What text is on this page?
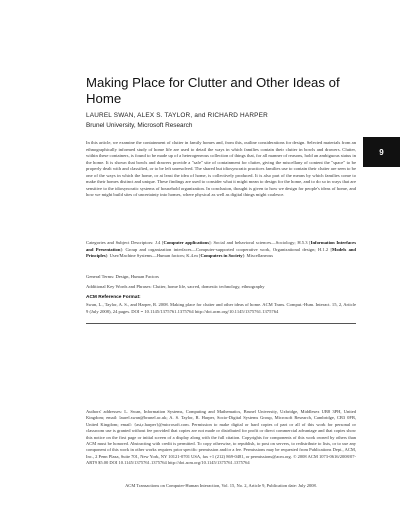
Making Place for Clutter and Other Ideas of Home
LAUREL SWAN, ALEX S. TAYLOR, and RICHARD HARPER
Brunel University, Microsoft Research
9
In this article, we examine the containment of clutter in family homes and, from this, outline considerations for design. Selected materials from an ethnographically informed study of home life are used to detail the ways in which families contain their clutter in bowls and drawers. Clutter, within these containers, is found to be made up of a heterogeneous collection of things that, for all manner of reasons, hold an ambiguous status in the home. It is shown that bowls and drawers provide a "safe" site of containment for clutter, giving the miscellany of content the "space" to be properly dealt with and classified, or to be left unresolved. The shared but idiosyncratic practices families use to contain their clutter are seen to be one of the ways in which the home, or at least the idea of home, is collectively produced. It is also part of the means by which families come to make their homes distinct and unique. These findings are used to consider what it might mean to design for the home, and to do so in ways that are sensitive to the idiosyncratic systems of household organization. In conclusion, thought is given to how we design for people's ideas of home, and how we might build sites of uncertainty into homes, where physical as well as digital things might coalesce.
Categories and Subject Descriptors: J.4 [Computer applications]: Social and behavioral sciences—Sociology; H.5.3 [Information Interfaces and Presentation]: Group and organization interfaces—Computer-supported cooperative work, Organizational design; H.1.2 [Models and Principles]: User/Machine Systems—Human factors; K.4.m [Computers in Society]: Miscellaneous
General Terms: Design, Human Factors
Additional Key Words and Phrases: Clutter, home life, sacred, domestic technology, ethnography
ACM Reference Format:
Swan, L., Taylor, A. S., and Harper, R. 2008. Making place for clutter and other ideas of home. ACM Trans. Comput.-Hum. Interact. 15, 2, Article 9 (July 2008), 24 pages. DOI = 10.1145/1375761.1375764 http://doi.acm.org/10.1145/1375761.1375764
Authors' addresses: L. Swan, Information Systems, Computing and Mathematics, Brunel University, Uxbridge, Middlesex UB8 3PH, United Kingdom; email: laurel.swan@brunel.ac.uk; A. S. Taylor, R. Harper, Socio-Digital Systems Group, Microsoft Research, Cambridge, CB3 0FB, United Kingdom; email: {ast,r.harper}@microsoft.com. Permission to make digital or hard copies of part or all of this work for personal or classroom use is granted without fee provided that copies are not made or distributed for profit or direct commercial advantage and that copies show this notice on the first page or initial screen of a display along with the full citation. Copyrights for components of this work owned by others than ACM must be honored. Abstracting with credit is permitted. To copy otherwise, to republish, to post on servers, to redistribute to lists, or to use any component of this work in other works requires prior specific permission and/or a fee. Permissions may be requested from Publications Dept., ACM, Inc., 2 Penn Plaza, Suite 701, New York, NY 10121-0701 USA, fax +1 (212) 869-0481, or permissions@acm.org. © 2008 ACM 1073-0616/2008/07-ART9 $5.00 DOI 10.1145/1375761.1375764 http://doi.acm.org/10.1145/1375761.1375764
ACM Transactions on Computer-Human Interaction, Vol. 15, No. 2, Article 9, Publication date: July 2008.
